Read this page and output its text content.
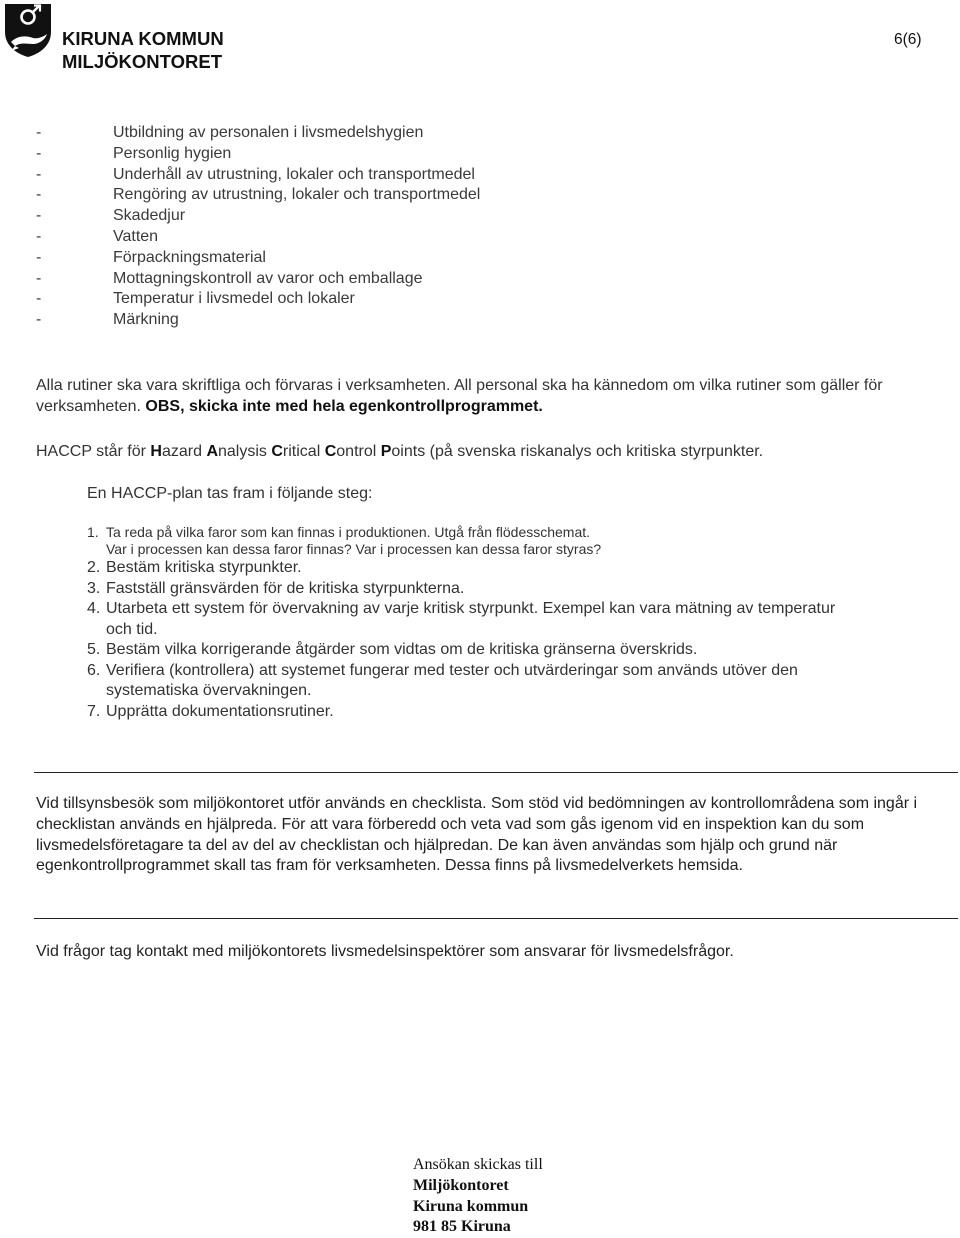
KIRUNA KOMMUN
MILJÖKONTORET
6(6)
-	Utbildning av personalen i livsmedelshygien
-	Personlig hygien
-	Underhåll av utrustning, lokaler och transportmedel
-	Rengöring av utrustning, lokaler och transportmedel
-	Skadedjur
-	Vatten
-	Förpackningsmaterial
-	Mottagningskontroll av varor och emballage
-	Temperatur i livsmedel och lokaler
-	Märkning
Alla rutiner ska vara skriftliga och förvaras i verksamheten. All personal ska ha kännedom om vilka rutiner som gäller för verksamheten. OBS, skicka inte med hela egenkontrollprogrammet.
HACCP står för Hazard Analysis Critical Control Points (på svenska riskanalys och kritiska styrpunkter.
En HACCP-plan tas fram i följande steg:
1. Ta reda på vilka faror som kan finnas i produktionen. Utgå från flödesschemat.
Var i processen kan dessa faror finnas? Var i processen kan dessa faror styras?
2. Bestäm kritiska styrpunkter.
3. Fastställ gränsvärden för de kritiska styrpunkterna.
4. Utarbeta ett system för övervakning av varje kritisk styrpunkt. Exempel kan vara mätning av temperatur
och tid.
5. Bestäm vilka korrigerande åtgärder som vidtas om de kritiska gränserna överskrids.
6. Verifiera (kontrollera) att systemet fungerar med tester och utvärderingar som används utöver den
systematiska övervakningen.
7. Upprätta dokumentationsrutiner.
Vid tillsynsbesök som miljökontoret utför används en checklista. Som stöd vid bedömningen av kontrollområdena som ingår i checklistan används en hjälpreda. För att vara förberedd och veta vad som gås igenom vid en inspektion kan du som livsmedelsföretagare ta del av del av checklistan och hjälpredan. De kan även användas som hjälp och grund när egenkontrollprogrammet skall tas fram för verksamheten. Dessa finns på livsmedelverkets hemsida.
Vid frågor tag kontakt med miljökontorets livsmedelsinspektörer som ansvarar för livsmedelsfrågor.
Ansökan skickas till
Miljökontoret
Kiruna kommun
981 85 Kiruna
